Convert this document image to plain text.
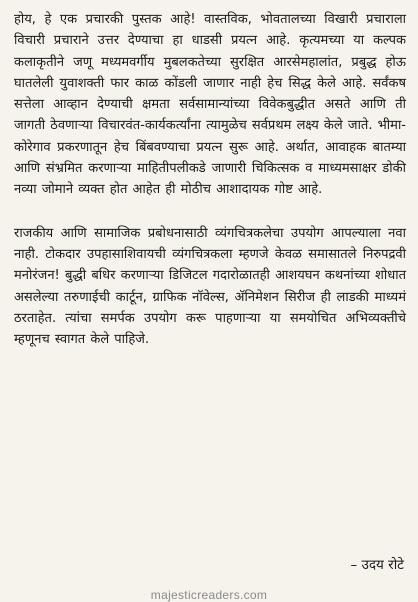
होय, हे एक प्रचारकी पुस्तक आहे! वास्तविक, भोवतालच्या विखारी प्रचाराला विचारी प्रचाराने उत्तर देण्याचा हा धाडसी प्रयत्न आहे. कृत्यमच्या या कल्पक कलाकृतीने जणू मध्यमवर्गीय मुबलकतेच्या सुरक्षित आरसेमहालांत, प्रबुद्ध होऊ घातलेली युवाशक्ती फार काळ कोंडली जाणार नाही हेच सिद्ध केले आहे. सर्वंकष सत्तेला आव्हान देण्याची क्षमता सर्वसामान्यांच्या विवेकबुद्धीत असते आणि ती जागती ठेवणाऱ्या विचारवंत-कार्यकर्त्यांना त्यामुळेच सर्वप्रथम लक्ष्य केले जाते. भीमा-कोरेगाव प्रकरणातून हेच बिंबवण्याचा प्रयत्न सुरू आहे. अर्थात, आवाहक बातम्या आणि संभ्रमित करणाऱ्या माहितीपलीकडे जाणारी चिकित्सक व माध्यमसाक्षर डोकी नव्या जोमाने व्यक्त होत आहेत ही मोठीच आशादायक गोष्ट आहे.

राजकीय आणि सामाजिक प्रबोधनासाठी व्यंगचित्रकलेचा उपयोग आपल्याला नवा नाही. टोकदार उपहासाशिवायची व्यंगचित्रकला म्हणजे केवळ समासातले निरुपद्रवी मनोरंजन! बुद्धी बधिर करणाऱ्या डिजिटल गदारोळातही आशयघन कथनांच्या शोधात असलेल्या तरुणाईची कार्टून, ग्राफिक नॉवेल्स, ॲनिमेशन सिरीज ही लाडकी माध्यमं ठरताहेत. त्यांचा समर्पक उपयोग करू पाहणाऱ्या या समयोचित अभिव्यक्तीचे म्हणूनच स्वागत केले पाहिजे.

– उदय रोटे
majesticreaders.com
